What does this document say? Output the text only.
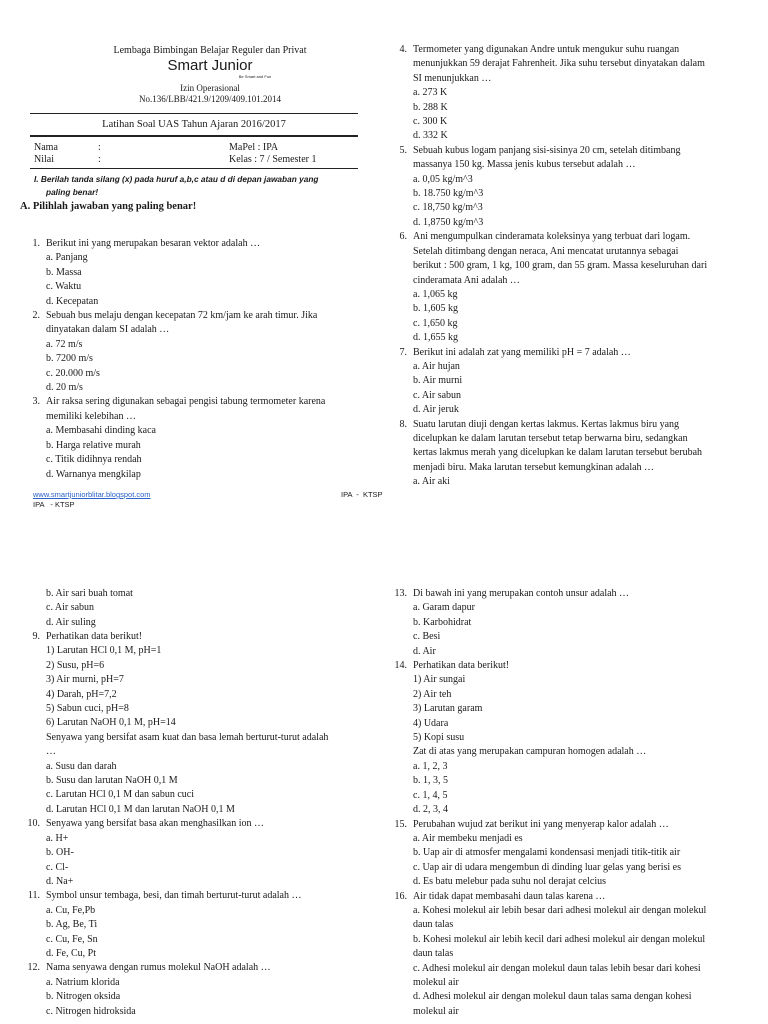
Lembaga Bimbingan Belajar Reguler dan Privat
Smart Junior
Be Smart and Fun
Izin Operasional
No.136/LBB/421.9/1209/409.101.2014
Latihan Soal UAS Tahun Ajaran 2016/2017
Nama	:
Nilai	:
MaPel : IPA
Kelas : 7 / Semester 1
I. Berilah tanda silang (x) pada huruf a,b,c atau d di depan jawaban yang
paling benar!
A. Pilihlah jawaban yang paling benar!
1. Berikut ini yang merupakan besaran vektor adalah …
a. Panjang
b. Massa
c. Waktu
d. Kecepatan
2. Sebuah bus melaju dengan kecepatan 72 km/jam ke arah timur. Jika
dinyatakan dalam SI adalah …
a. 72 m/s
b. 7200 m/s
c. 20.000 m/s
d. 20 m/s
3. Air raksa sering digunakan sebagai pengisi tabung termometer karena
memiliki kelebihan …
a. Membasahi dinding kaca
b. Harga relative murah
c. Titik didihnya rendah
d. Warnanya mengkilap
4. Termometer yang digunakan Andre untuk mengukur suhu ruangan
menunjukkan 59 derajat Fahrenheit. Jika suhu tersebut dinyatakan dalam
SI menunjukkan …
a. 273 K
b. 288 K
c. 300 K
d. 332 K
5. Sebuah kubus logam panjang sisi-sisinya 20 cm, setelah ditimbang
massanya 150 kg. Massa jenis kubus tersebut adalah …
a. 0,05 kg/m^3
b. 18.750 kg/m^3
c. 18,750 kg/m^3
d. 1,8750 kg/m^3
6. Ani mengumpulkan cinderamata koleksinya yang terbuat dari logam.
Setelah ditimbang dengan neraca, Ani mencatat urutannya sebagai
berikut : 500 gram, 1 kg, 100 gram, dan 55 gram. Massa keseluruhan dari
cinderamata Ani adalah …
a. 1,065 kg
b. 1,605 kg
c. 1,650 kg
d. 1,655 kg
7. Berikut ini adalah zat yang memiliki pH = 7 adalah …
a. Air hujan
b. Air murni
c. Air sabun
d. Air jeruk
8. Suatu larutan diuji dengan kertas lakmus. Kertas lakmus biru yang
dicelupkan ke dalam larutan tersebut tetap berwarna biru, sedangkan
kertas lakmus merah yang dicelupkan ke dalam larutan tersebut berubah
menjadi biru. Maka larutan tersebut kemungkinan adalah …
a. Air aki
www.smartjuniorblitar.blogspot.com	IPA  -  KTSP
IPA   - KTSP
b. Air sari buah tomat
c. Air sabun
d. Air suling
9. Perhatikan data berikut!
1) Larutan HCl 0,1 M, pH=1
2) Susu, pH=6
3) Air murni, pH=7
4) Darah, pH=7,2
5) Sabun cuci, pH=8
6) Larutan NaOH 0,1 M, pH=14
Senyawa yang bersifat asam kuat dan basa lemah berturut-turut adalah
…
a. Susu dan darah
b. Susu dan larutan NaOH 0,1 M
c. Larutan HCl 0,1 M dan sabun cuci
d. Larutan HCl 0,1 M dan larutan NaOH 0,1 M
10. Senyawa yang bersifat basa akan menghasilkan ion …
a. H+
b. OH-
c. Cl-
d. Na+
11. Symbol unsur tembaga, besi, dan timah berturut-turut adalah …
a. Cu, Fe,Pb
b. Ag, Be, Ti
c. Cu, Fe, Sn
d. Fe, Cu, Pt
12. Nama senyawa dengan rumus molekul NaOH adalah …
a. Natrium klorida
b. Nitrogen oksida
c. Nitrogen hidroksida
13. Di bawah ini yang merupakan contoh unsur adalah …
a. Garam dapur
b. Karbohidrat
c. Besi
d. Air
14. Perhatikan data berikut!
1) Air sungai
2) Air teh
3) Larutan garam
4) Udara
5) Kopi susu
Zat di atas yang merupakan campuran homogen adalah …
a. 1, 2, 3
b. 1, 3, 5
c. 1, 4, 5
d. 2, 3, 4
15. Perubahan wujud zat berikut ini yang menyerap kalor adalah …
a. Air membeku menjadi es
b. Uap air di atmosfer mengalami kondensasi menjadi titik-titik air
c. Uap air di udara mengembun di dinding luar gelas yang berisi es
d. Es batu melebur pada suhu nol derajat celcius
16. Air tidak dapat membasahi daun talas karena …
a. Kohesi molekul air lebih besar dari adhesi molekul air dengan molekul
daun talas
b. Kohesi molekul air lebih kecil dari adhesi molekul air dengan molekul
daun talas
c. Adhesi molekul air dengan molekul daun talas lebih besar dari kohesi
molekul air
d. Adhesi molekul air dengan molekul daun talas sama dengan kohesi
molekul air
